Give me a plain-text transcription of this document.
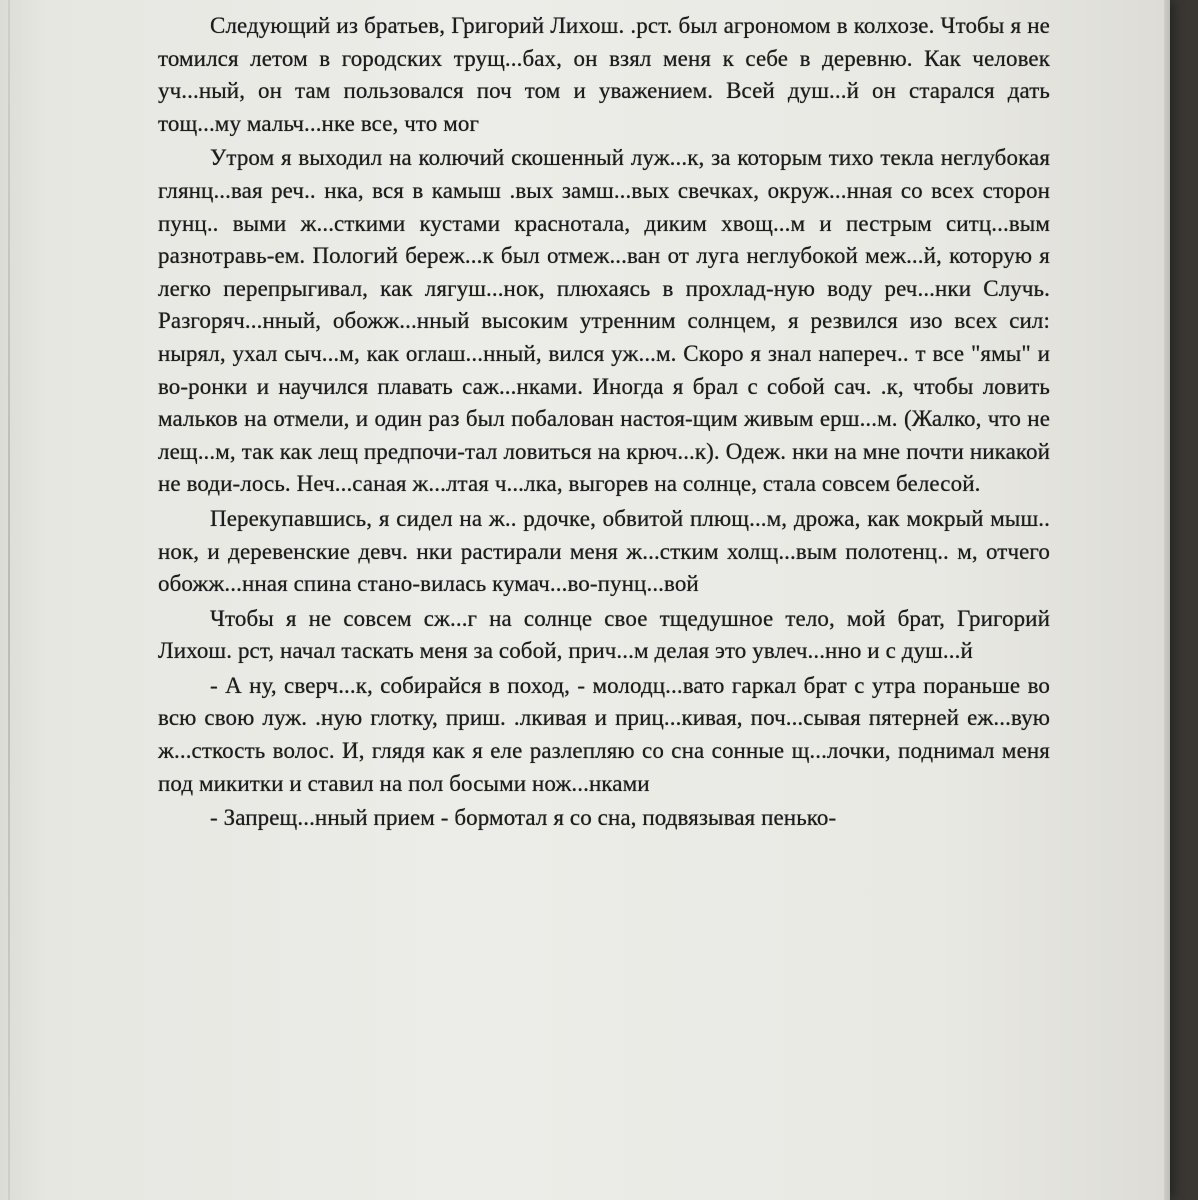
Следующий из братьев, Григорий Лихош. .рст. был агрономом в колхозе. Чтобы я не томился летом в городских трущ...бах, он взял меня к себе в деревню. Как человек уч...ный, он там пользовался поч том и уважением. Всей душ...й он старался дать тощ...му мальч...нке все, что мог

Утром я выходил на колючий скошенный луж...к, за которым тихо текла неглубокая глянц...вая реч.. нка, вся в камыш .вых замш...вых свечках, окруж...нная со всех сторон пунц.. выми ж...сткими кустами краснотала, диким хвощ...м и пестрым ситц...вым разнотравь-ем. Пологий береж...к был отмеж...ван от луга неглубокой меж...й, которую я легко перепрыгивал, как лягуш...нок, плюхаясь в прохлад-ную воду реч...нки Случь. Разгоряч...нный, обожж...нный высоким утренним солнцем, я резвился изо всех сил: нырял, ухал сыч...м, как оглаш...нный, вился уж...м. Скоро я знал наперeч.. т все "ямы" и во-ронки и научился плавать саж...нками. Иногда я брал с собой сач. .к, чтобы ловить мальков на отмели, и один раз был побалован настоя-щим живым ерш...м. (Жалко, что не лещ...м, так как лещ предпочи-тал ловиться на крюч...к). Одеж. нки на мне почти никакой не води-лось. Неч...саная ж...лтая ч...лка, выгорев на солнце, стала совсем белесой.

Перекупавшись, я сидел на ж.. рдочке, обвитой плющ...м, дрожа, как мокрый мыш.. нок, и деревенские девч. нки растирали меня ж...стким холщ...вым полотенц.. м, отчего обожж...нная спина стано-вилась кумач...во-пунц...вой

Чтобы я не совсем сж...г на солнце свое тщедушное тело, мой брат, Григорий Лихош. рст, начал таскать меня за собой, прич...м делая это увлеч...нно и с душ...й

- А ну, сверч...к, собирайся в поход, - молодц...вато гаркал брат с утра пораньше во всю свою луж. .ную глотку, приш. .лкивая и приц...кивая, поч...сывая пятерней еж...вую ж...сткость волос. И, глядя как я еле разлепляю со сна сонные щ...лочки, поднимал меня под микитки и ставил на пол босыми нож...нками

- Запрещ...нный прием - бормотал я со сна, подвязывая пенько-
